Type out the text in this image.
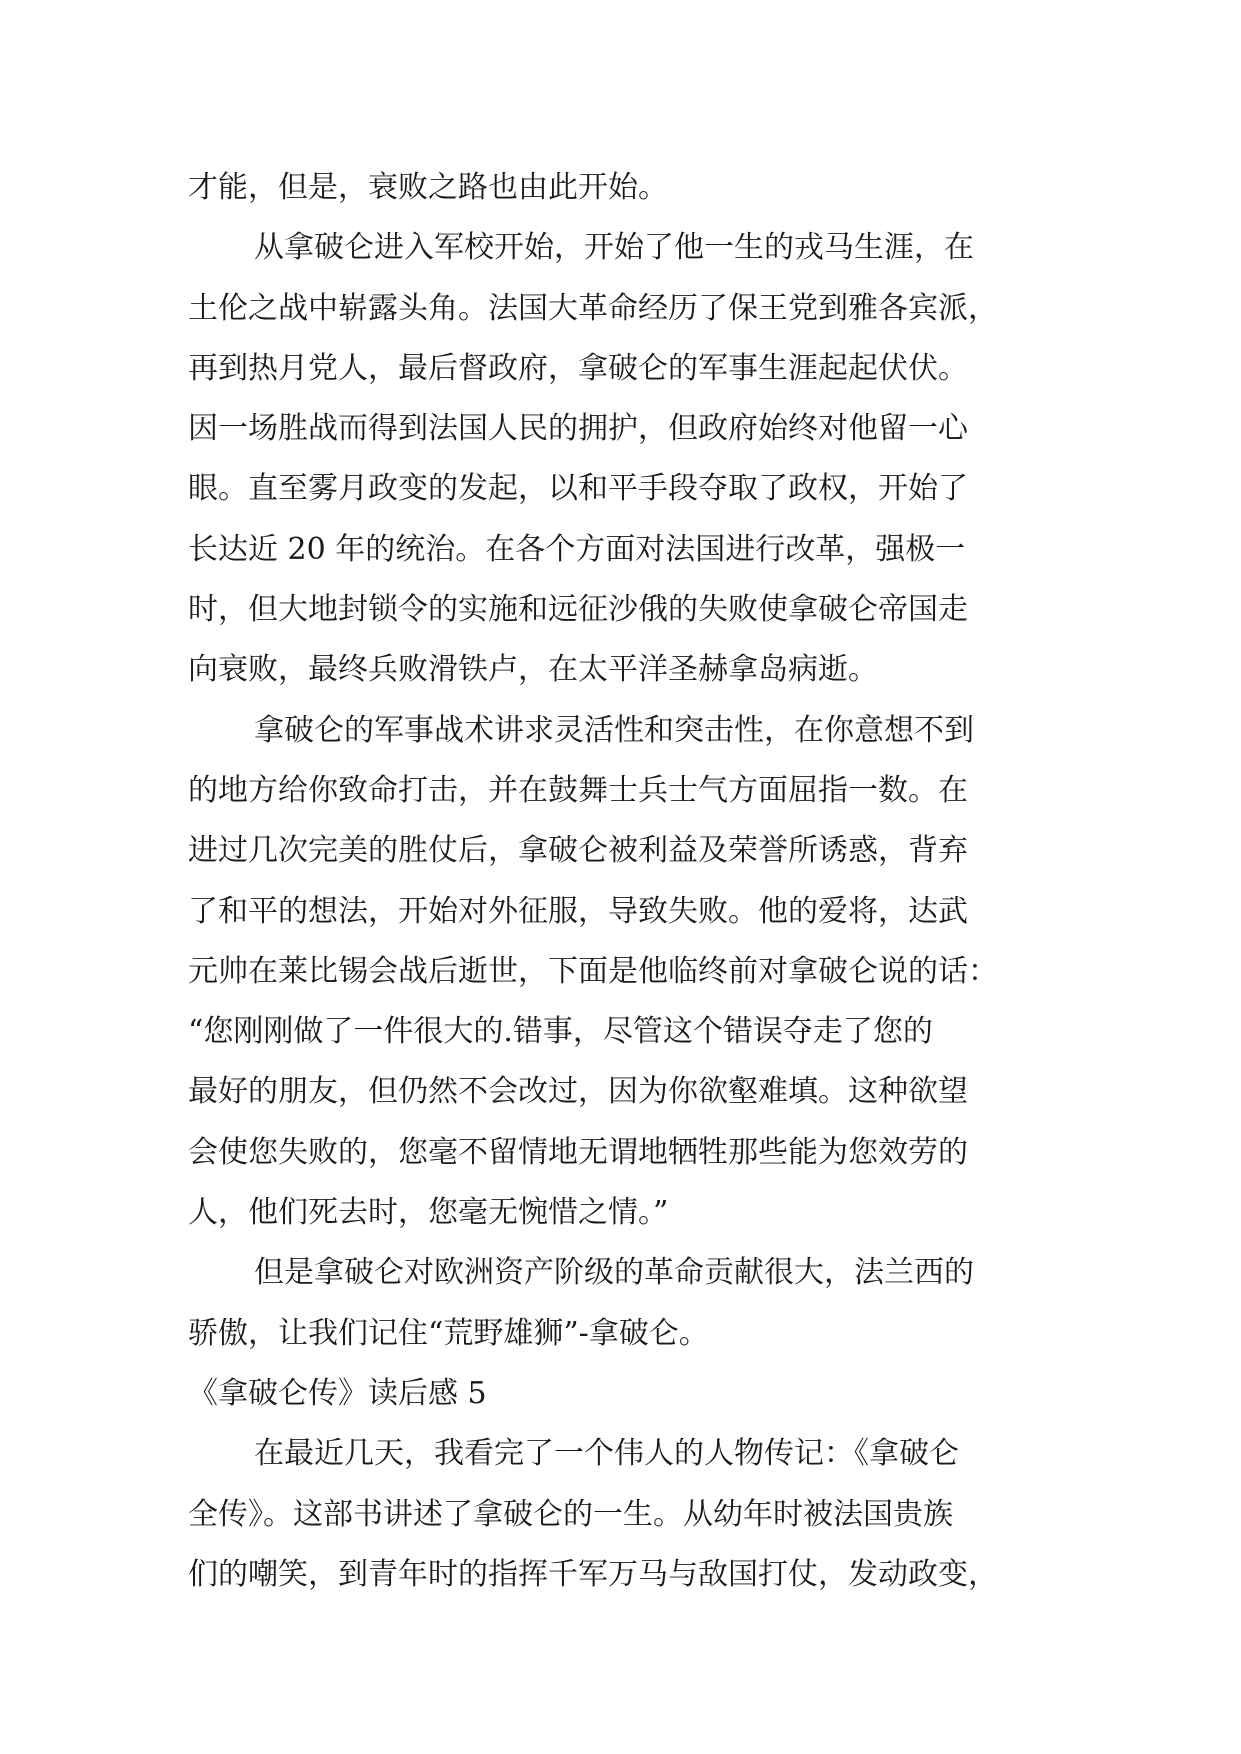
才能，但是，衰败之路也由此开始。
从拿破仑进入军校开始，开始了他一生的戎马生涯，在
土伦之战中崭露头角。法国大革命经历了保王党到雅各宾派，
再到热月党人，最后督政府，拿破仑的军事生涯起起伏伏。
因一场胜战而得到法国人民的拥护，但政府始终对他留一心
眼。直至雾月政变的发起，以和平手段夺取了政权，开始了
长达近 20 年的统治。在各个方面对法国进行改革，强极一
时，但大地封锁令的实施和远征沙俄的失败使拿破仑帝国走
向衰败，最终兵败滑铁卢，在太平洋圣赫拿岛病逝。
拿破仑的军事战术讲求灵活性和突击性，在你意想不到
的地方给你致命打击，并在鼓舞士兵士气方面屈指一数。在
进过几次完美的胜仗后，拿破仑被利益及荣誉所诱惑，背弃
了和平的想法，开始对外征服，导致失败。他的爱将，达武
元帅在莱比锡会战后逝世，下面是他临终前对拿破仑说的话：
“您刚刚做了一件很大的.错事，尽管这个错误夺走了您的
最好的朋友，但仍然不会改过，因为你欲壑难填。这种欲望
会使您失败的，您毫不留情地无谓地牺牲那些能为您效劳的
人，他们死去时，您毫无惋惜之情。”
但是拿破仑对欧洲资产阶级的革命贡献很大，法兰西的
骄傲，让我们记住“荒野雄狮”-拿破仑。
《拿破仑传》读后感 5
在最近几天，我看完了一个伟人的人物传记：《拿破仑
全传》。这部书讲述了拿破仑的一生。从幼年时被法国贵族
们的嘲笑，到青年时的指挥千军万马与敌国打仗，发动政变，
